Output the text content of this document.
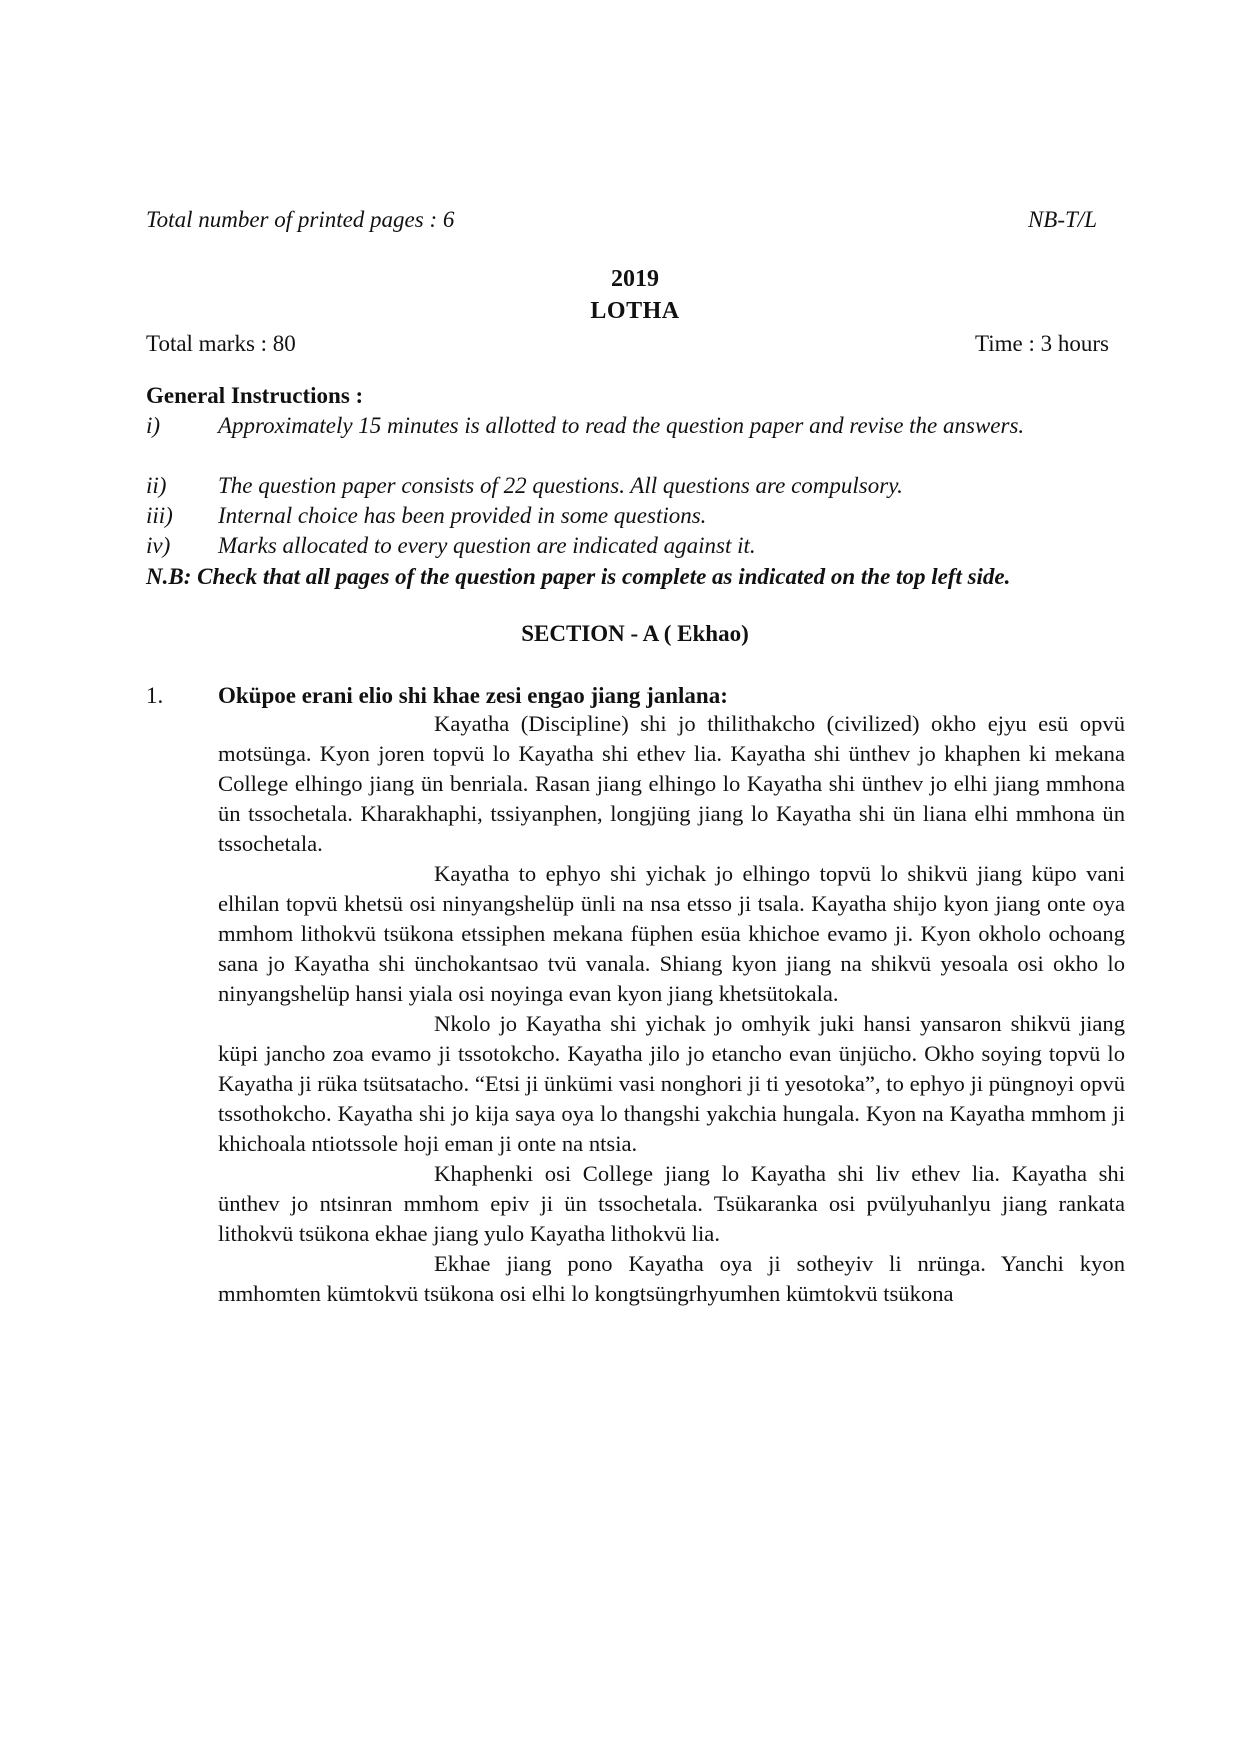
Total number of printed pages : 6	NB-T/L
2019
LOTHA
Total marks : 80	Time : 3 hours
General Instructions :
i)	Approximately 15 minutes is allotted to read the question paper and revise the answers.
ii) The question paper consists of 22 questions. All questions are compulsory.
iii) Internal choice has been provided in some questions.
iv) Marks allocated to every question are indicated against it.
N.B: Check that all pages of the question paper is complete as indicated on the top left side.
SECTION - A ( Ekhao)
1. Oküpoe erani elio shi khae zesi engao jiang janlana:

Kayatha (Discipline) shi jo thilithakcho (civilized) okho ejyu esü opvü motsünga. Kyon joren topvü lo Kayatha shi ethev lia. Kayatha shi ünthev jo khaphen ki mekana College elhingo jiang ün benriala. Rasan jiang elhingo lo Kayatha shi ünthev jo elhi jiang mmhona ün tssochetala. Kharakhaphi, tssiyanphen, longjüng jiang lo Kayatha shi ün liana elhi mmhona ün tssochetala.

Kayatha to ephyo shi yichak jo elhingo topvü lo shikvü jiang küpo vani elhilan topvü khetsü osi ninyangshelüp ünli na nsa etsso ji tsala. Kayatha shijo kyon jiang onte oya mmhom lithokvü tsükona etssiphen mekana füphen esüa khichoe evamo ji. Kyon okholo ochoang sana jo Kayatha shi ünchokantsao tvü vanala. Shiang kyon jiang na shikvü yesoala osi okho lo ninyangshelüp hansi yiala osi noyinga evan kyon jiang khetsütokala.

Nkolo jo Kayatha shi yichak jo omhyik juki hansi yansaron shikvü jiang küpi jancho zoa evamo ji tssotokcho. Kayatha jilo jo etancho evan ünjücho. Okho soying topvü lo Kayatha ji rüka tsütsatacho. “Etsi ji ünkümi vasi nonghori ji ti yesotoka”, to ephyo ji püngnoyi opvü tssothokcho. Kayatha shi jo kija saya oya lo thangshi yakchia hungala. Kyon na Kayatha mmhom ji khichoala ntiotssole hoji eman ji onte na ntsia.

Khaphenki osi College jiang lo Kayatha shi liv ethev lia. Kayatha shi ünthev jo ntsinran mmhom epiv ji ün tssochetala. Tsükaranka osi pvülyuhanlyu jiang rankata lithokvü tsükona ekhae jiang yulo Kayatha lithokvü lia.

Ekhae jiang pono Kayatha oya ji sotheyiv li nrünga. Yanchi kyon mmhomten kümtokvü tsükona osi elhi lo kongtsüngrhyumhen kümtokvü tsükona
